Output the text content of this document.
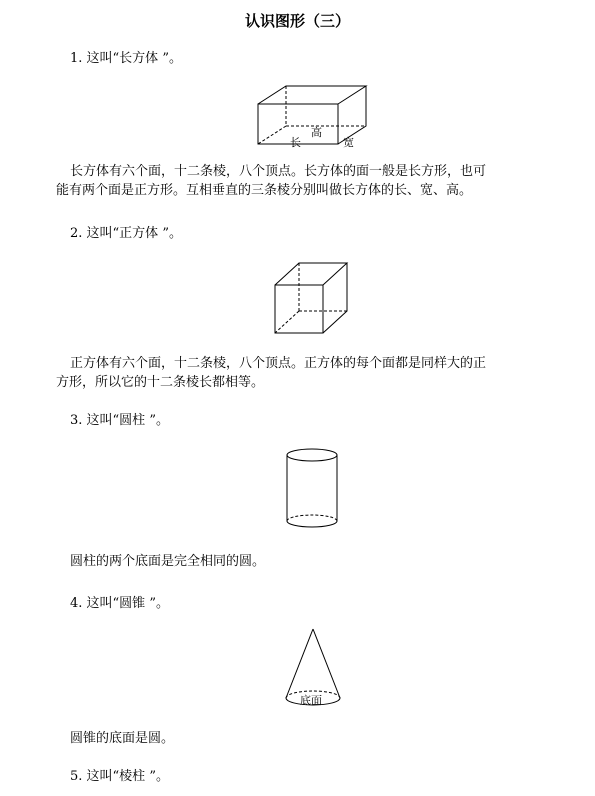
认识图形（三）
1. 这叫“长方体 ”。
长
高
宽
长方体有六个面，十二条棱，八个顶点。长方体的面一般是长方形，也可
能有两个面是正方形。互相垂直的三条棱分别叫做长方体的长、宽、高。
2. 这叫“正方体 ”。
正方体有六个面，十二条棱，八个顶点。正方体的每个面都是同样大的正
方形，所以它的十二条棱长都相等。
3. 这叫“圆柱 ”。
圆柱的两个底面是完全相同的圆。
4. 这叫“圆锥 ”。
底面
圆锥的底面是圆。
5. 这叫“棱柱 ”。
